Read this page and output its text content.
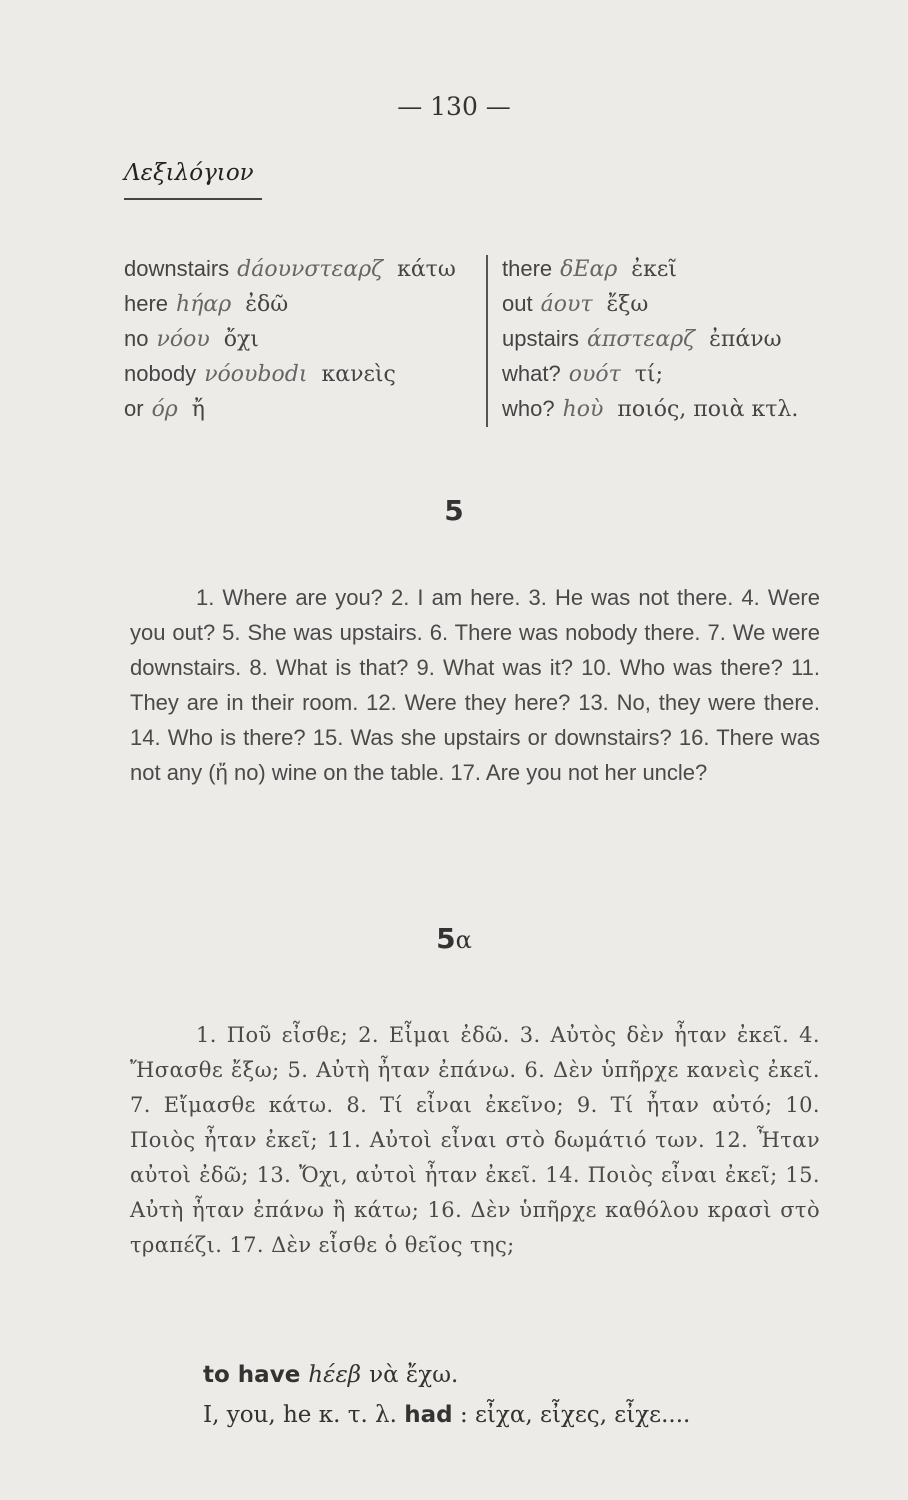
— 130 —
Λεξιλόγιον
downstairs dáουνστεαρζ κάτω
here hήαρ ἐδῶ
no νόου ὄχι
nobody νόουbοdι κανεὶς
or όρ ἤ
there δΕαρ ἐκεῖ
out áουτ ἔξω
upstairs άπστεαρζ ἐπάνω
what? ουότ τί;
who? hοὺ ποιός, ποιὰ κτλ.
5

1. Where are you? 2. I am here. 3. He was not there. 4. Were you out? 5. She was upstairs. 6. There was nobody there. 7. We were downstairs. 8. What is that? 9. What was it? 10. Who was there? 11. They are in their room. 12. Were they here? 13. No, they were there. 14. Who is there? 15. Was she upstairs or downstairs? 16. There was not any (ἤ no) wine on the table. 17. Are you not her uncle?

5α

1. Ποῦ εἶσθε; 2. Εἶμαι ἐδῶ. 3. Αὐτὸς δὲν ἦταν ἐκεῖ. 4. Ἤσασθε ἔξω; 5. Αὐτὴ ἦταν ἐπάνω. 6. Δὲν ὑπῆρχε κανεὶς ἐκεῖ. 7. Εἴμασθε κάτω. 8. Τί εἶναι ἐκεῖνο; 9. Τί ἦταν αὐτό; 10. Ποιὸς ἦταν ἐκεῖ; 11. Αὐτοὶ εἶναι στὸ δωμάτιό των. 12. Ἦταν αὐτοὶ ἐδῶ; 13. Ὄχι, αὐτοὶ ἦταν ἐκεῖ. 14. Ποιὸς εἶναι ἐκεῖ; 15. Αὐτὴ ἦταν ἐπάνω ἢ κάτω; 16. Δὲν ὑπῆρχε καθόλου κρασὶ στὸ τραπέζι. 17. Δὲν εἶσθε ὁ θεῖος της;

to have hέεβ νὰ ἔχω.
I, you, he κ. τ. λ. had : εἶχα, εἶχες, εἶχε....
